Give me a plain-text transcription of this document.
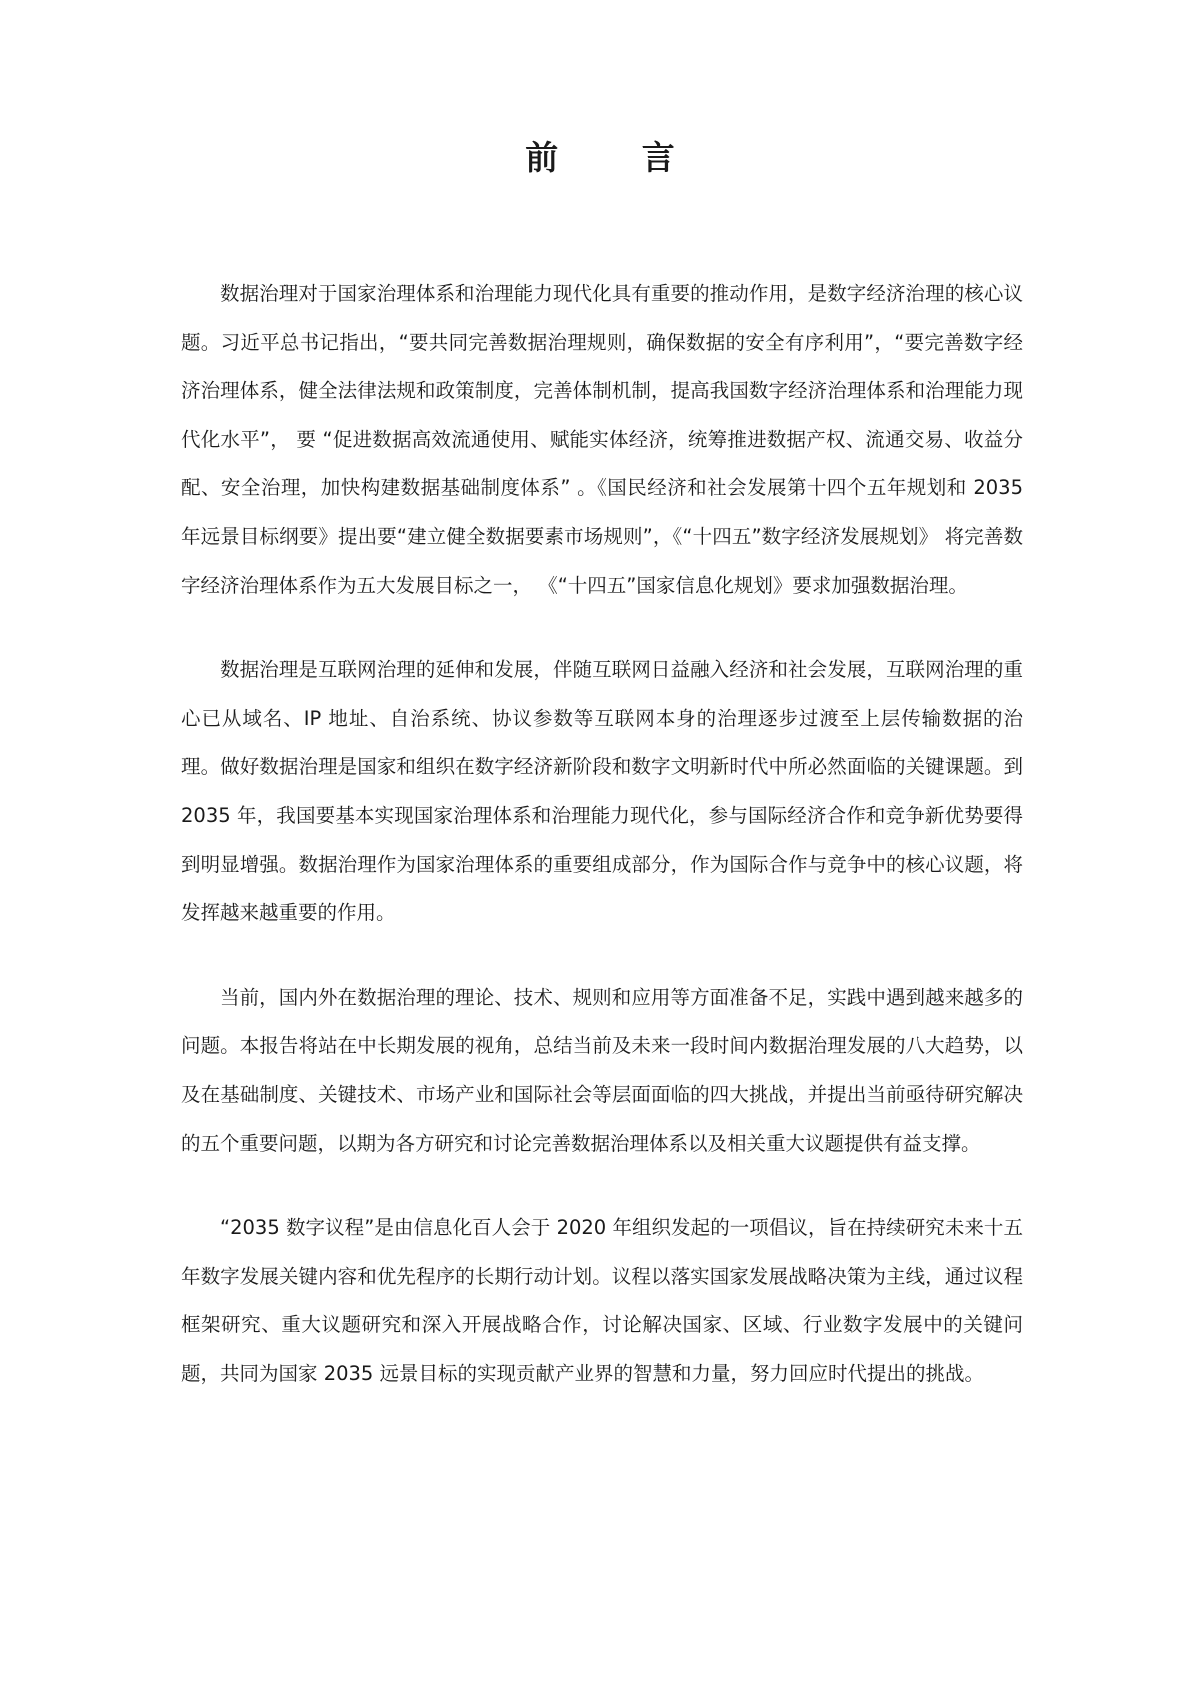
前 言

数据治理对于国家治理体系和治理能力现代化具有重要的推动作用，是数字经济治理的核心议题。习近平总书记指出，“要共同完善数据治理规则，确保数据的安全有序利用”，“要完善数字经济治理体系，健全法律法规和政策制度，完善体制机制，提高我国数字经济治理体系和治理能力现代化水平”， 要 “促进数据高效流通使用、赋能实体经济，统筹推进数据产权、流通交易、收益分配、安全治理，加快构建数据基础制度体系” 。《国民经济和社会发展第十四个五年规划和 2035 年远景目标纲要》提出要“建立健全数据要素市场规则”，《“十四五”数字经济发展规划》 将完善数字经济治理体系作为五大发展目标之一， 《“十四五”国家信息化规划》要求加强数据治理。

数据治理是互联网治理的延伸和发展，伴随互联网日益融入经济和社会发展，互联网治理的重心已从域名、IP 地址、自治系统、协议参数等互联网本身的治理逐步过渡至上层传输数据的治理。做好数据治理是国家和组织在数字经济新阶段和数字文明新时代中所必然面临的关键课题。到 2035 年，我国要基本实现国家治理体系和治理能力现代化，参与国际经济合作和竞争新优势要得到明显增强。数据治理作为国家治理体系的重要组成部分，作为国际合作与竞争中的核心议题，将发挥越来越重要的作用。

当前，国内外在数据治理的理论、技术、规则和应用等方面准备不足，实践中遇到越来越多的问题。本报告将站在中长期发展的视角，总结当前及未来一段时间内数据治理发展的八大趋势，以及在基础制度、关键技术、市场产业和国际社会等层面面临的四大挑战，并提出当前亟待研究解决的五个重要问题，以期为各方研究和讨论完善数据治理体系以及相关重大议题提供有益支撑。

“2035 数字议程”是由信息化百人会于 2020 年组织发起的一项倡议，旨在持续研究未来十五年数字发展关键内容和优先程序的长期行动计划。议程以落实国家发展战略决策为主线，通过议程框架研究、重大议题研究和深入开展战略合作，讨论解决国家、区域、行业数字发展中的关键问题，共同为国家 2035 远景目标的实现贡献产业界的智慧和力量，努力回应时代提出的挑战。
